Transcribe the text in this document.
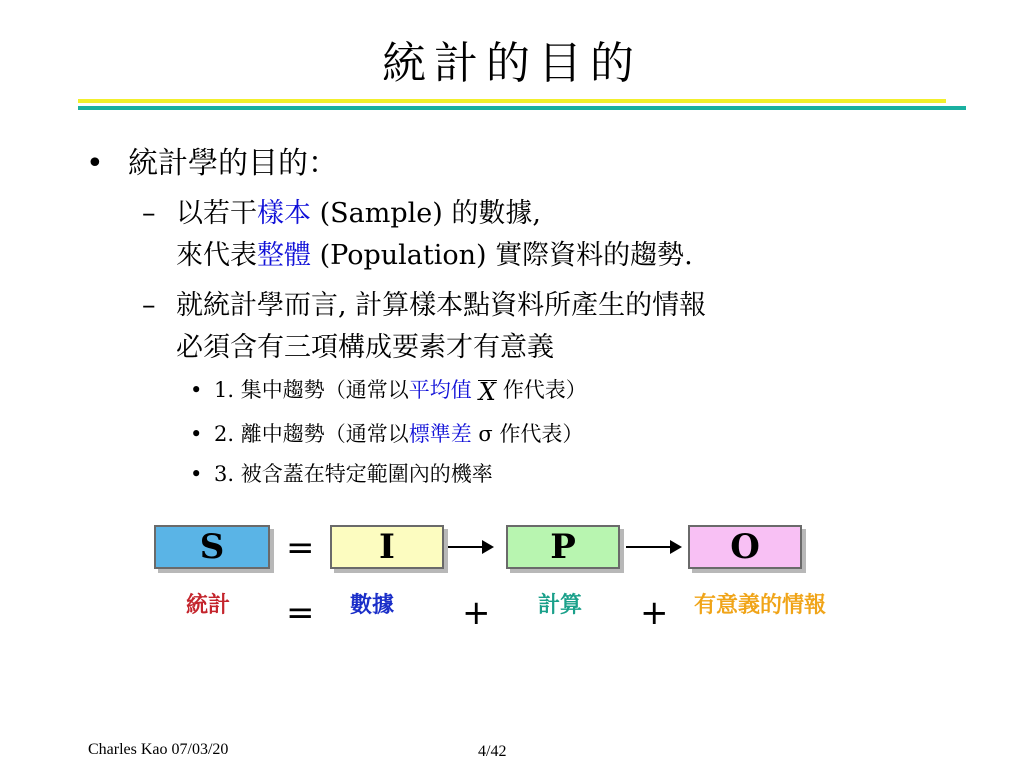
統計的目的
• 統計學的目的：
– 以若干樣本 (Sample) 的數據,
來代表整體 (Population) 實際資料的趨勢.
– 就統計學而言, 計算樣本點資料所產生的情報
必須含有三項構成要素才有意義
• 1. 集中趨勢（通常以平均值 X 作代表）
• 2. 離中趨勢（通常以標準差 σ 作代表）
• 3. 被含蓋在特定範圍內的機率
S	=	I	P	O
統計 = 數據 + 計算 + 有意義的情報
Charles Kao 07/03/20	4/42
